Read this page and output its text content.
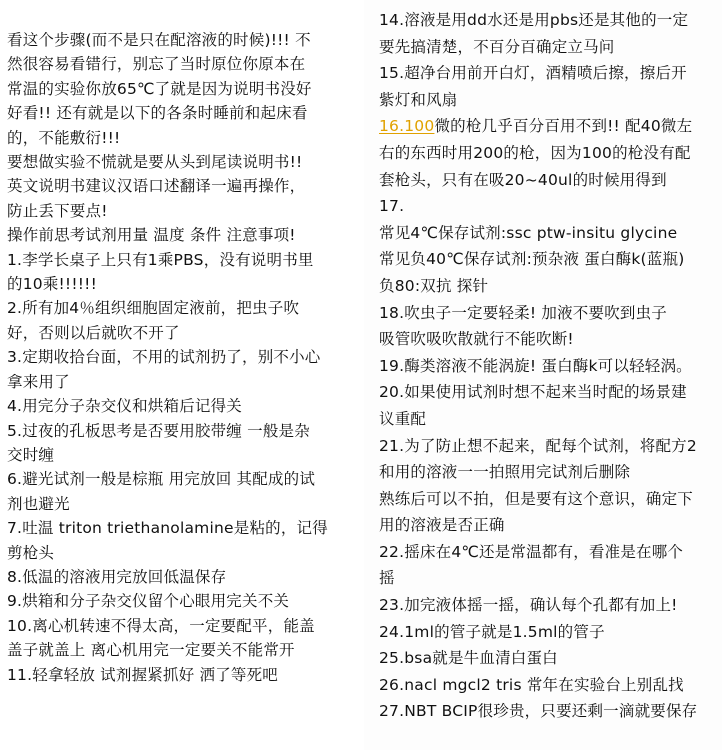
看这个步骤(而不是只在配溶液的时候)!!! 不
然很容易看错行，别忘了当时原位你原本在
常温的实验你放65℃了就是因为说明书没好
好看!! 还有就是以下的各条时睡前和起床看
的，不能敷衍!!!
要想做实验不慌就是要从头到尾读说明书!!
英文说明书建议汉语口述翻译一遍再操作，
防止丢下要点!
操作前思考试剂用量 温度 条件 注意事项!
1.李学长桌子上只有1乘PBS，没有说明书里
的10乘!!!!!!
2.所有加4％组织细胞固定液前，把虫子吹
好，否则以后就吹不开了
3.定期收拾台面，不用的试剂扔了，别不小心
拿来用了
4.用完分子杂交仪和烘箱后记得关
5.过夜的孔板思考是否要用胶带缠 一般是杂
交时缠
6.避光试剂一般是棕瓶 用完放回 其配成的试
剂也避光
7.吐温 triton triethanolamine是粘的，记得
剪枪头
8.低温的溶液用完放回低温保存
9.烘箱和分子杂交仪留个心眼用完关不关
10.离心机转速不得太高，一定要配平，能盖
盖子就盖上 离心机用完一定要关不能常开
11.轻拿轻放 试剂握紧抓好 洒了等死吧
14.溶液是用dd水还是用pbs还是其他的一定
要先搞清楚，不百分百确定立马问
15.超净台用前开白灯，酒精喷后擦，擦后开
紫灯和风扇
16.100微的枪几乎百分百用不到!! 配40微左
右的东西时用200的枪，因为100的枪没有配
套枪头，只有在吸20~40ul的时候用得到
17.
常见4℃保存试剂:ssc ptw-insitu glycine
常见负40℃保存试剂:预杂液 蛋白酶k(蓝瓶)
负80:双抗 探针
18.吹虫子一定要轻柔! 加液不要吹到虫子
吸管吹吸吹散就行不能吹断!
19.酶类溶液不能涡旋! 蛋白酶k可以轻轻涡。
20.如果使用试剂时想不起来当时配的场景建
议重配
21.为了防止想不起来，配每个试剂，将配方2
和用的溶液一一拍照用完试剂后删除
熟练后可以不拍，但是要有这个意识，确定下
用的溶液是否正确
22.摇床在4℃还是常温都有，看准是在哪个
摇
23.加完液体摇一摇，确认每个孔都有加上!
24.1ml的管子就是1.5ml的管子
25.bsa就是牛血清白蛋白
26.nacl mgcl2 tris 常年在实验台上别乱找
27.NBT BCIP很珍贵，只要还剩一滴就要保存
